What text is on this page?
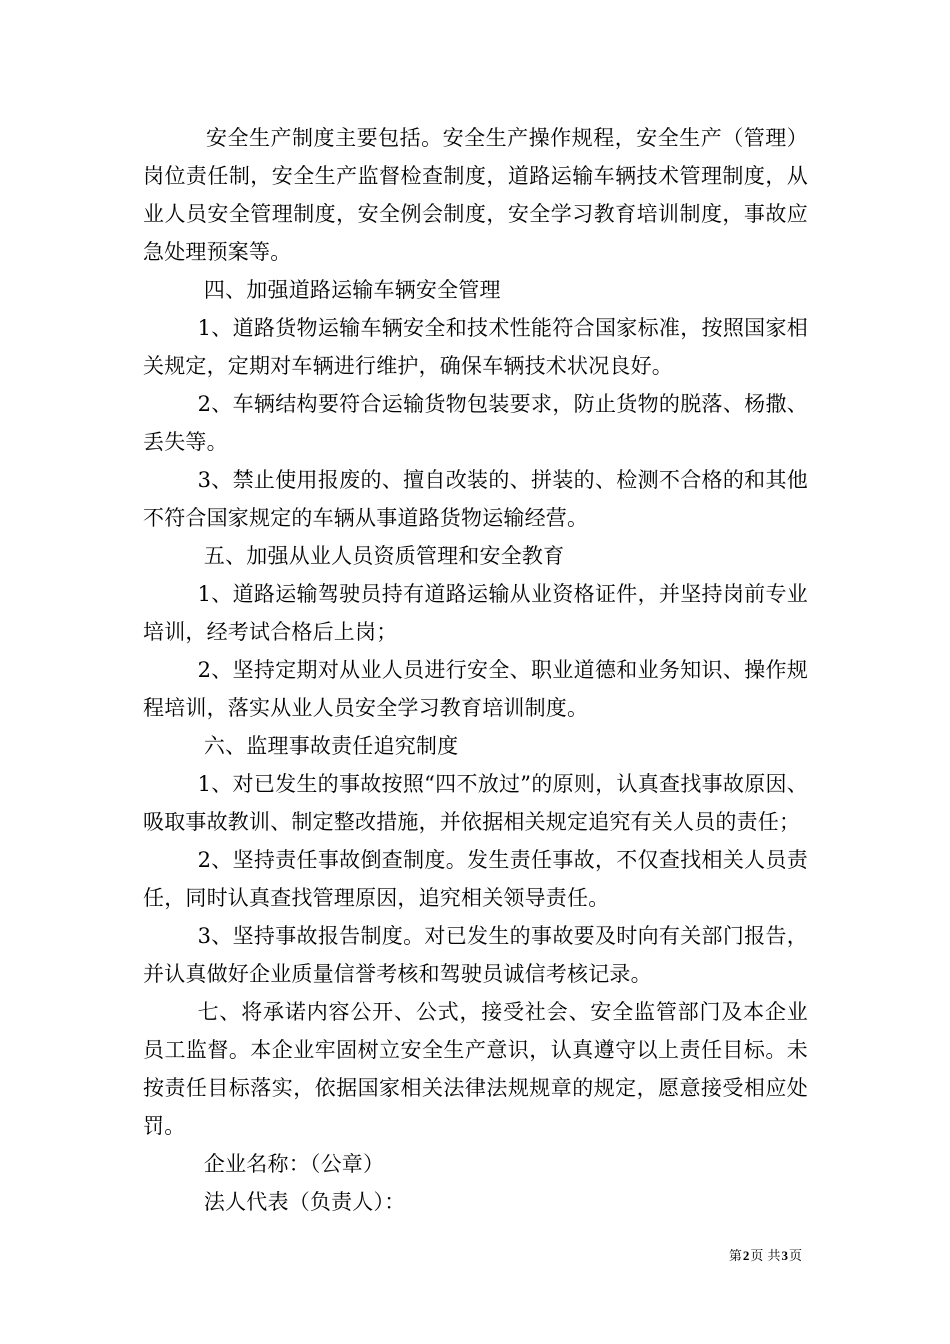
安全生产制度主要包括。安全生产操作规程，安全生产（管理）岗位责任制，安全生产监督检查制度，道路运输车辆技术管理制度，从业人员安全管理制度，安全例会制度，安全学习教育培训制度，事故应急处理预案等。

四、加强道路运输车辆安全管理

1、道路货物运输车辆安全和技术性能符合国家标准，按照国家相关规定，定期对车辆进行维护，确保车辆技术状况良好。

2、车辆结构要符合运输货物包装要求，防止货物的脱落、杨撒、丢失等。

3、禁止使用报废的、擅自改装的、拼装的、检测不合格的和其他不符合国家规定的车辆从事道路货物运输经营。

五、加强从业人员资质管理和安全教育

1、道路运输驾驶员持有道路运输从业资格证件，并坚持岗前专业培训，经考试合格后上岗；

2、坚持定期对从业人员进行安全、职业道德和业务知识、操作规程培训，落实从业人员安全学习教育培训制度。

六、监理事故责任追究制度

1、对已发生的事故按照“四不放过”的原则，认真查找事故原因、吸取事故教训、制定整改措施，并依据相关规定追究有关人员的责任；

2、坚持责任事故倒查制度。发生责任事故，不仅查找相关人员责任，同时认真查找管理原因，追究相关领导责任。

3、坚持事故报告制度。对已发生的事故要及时向有关部门报告，并认真做好企业质量信誉考核和驾驶员诚信考核记录。

七、将承诺内容公开、公式，接受社会、安全监管部门及本企业员工监督。本企业牢固树立安全生产意识，认真遵守以上责任目标。未按责任目标落实，依据国家相关法律法规规章的规定，愿意接受相应处罚。

企业名称：（公章）

法人代表（负责人）：

第2页 共3页
